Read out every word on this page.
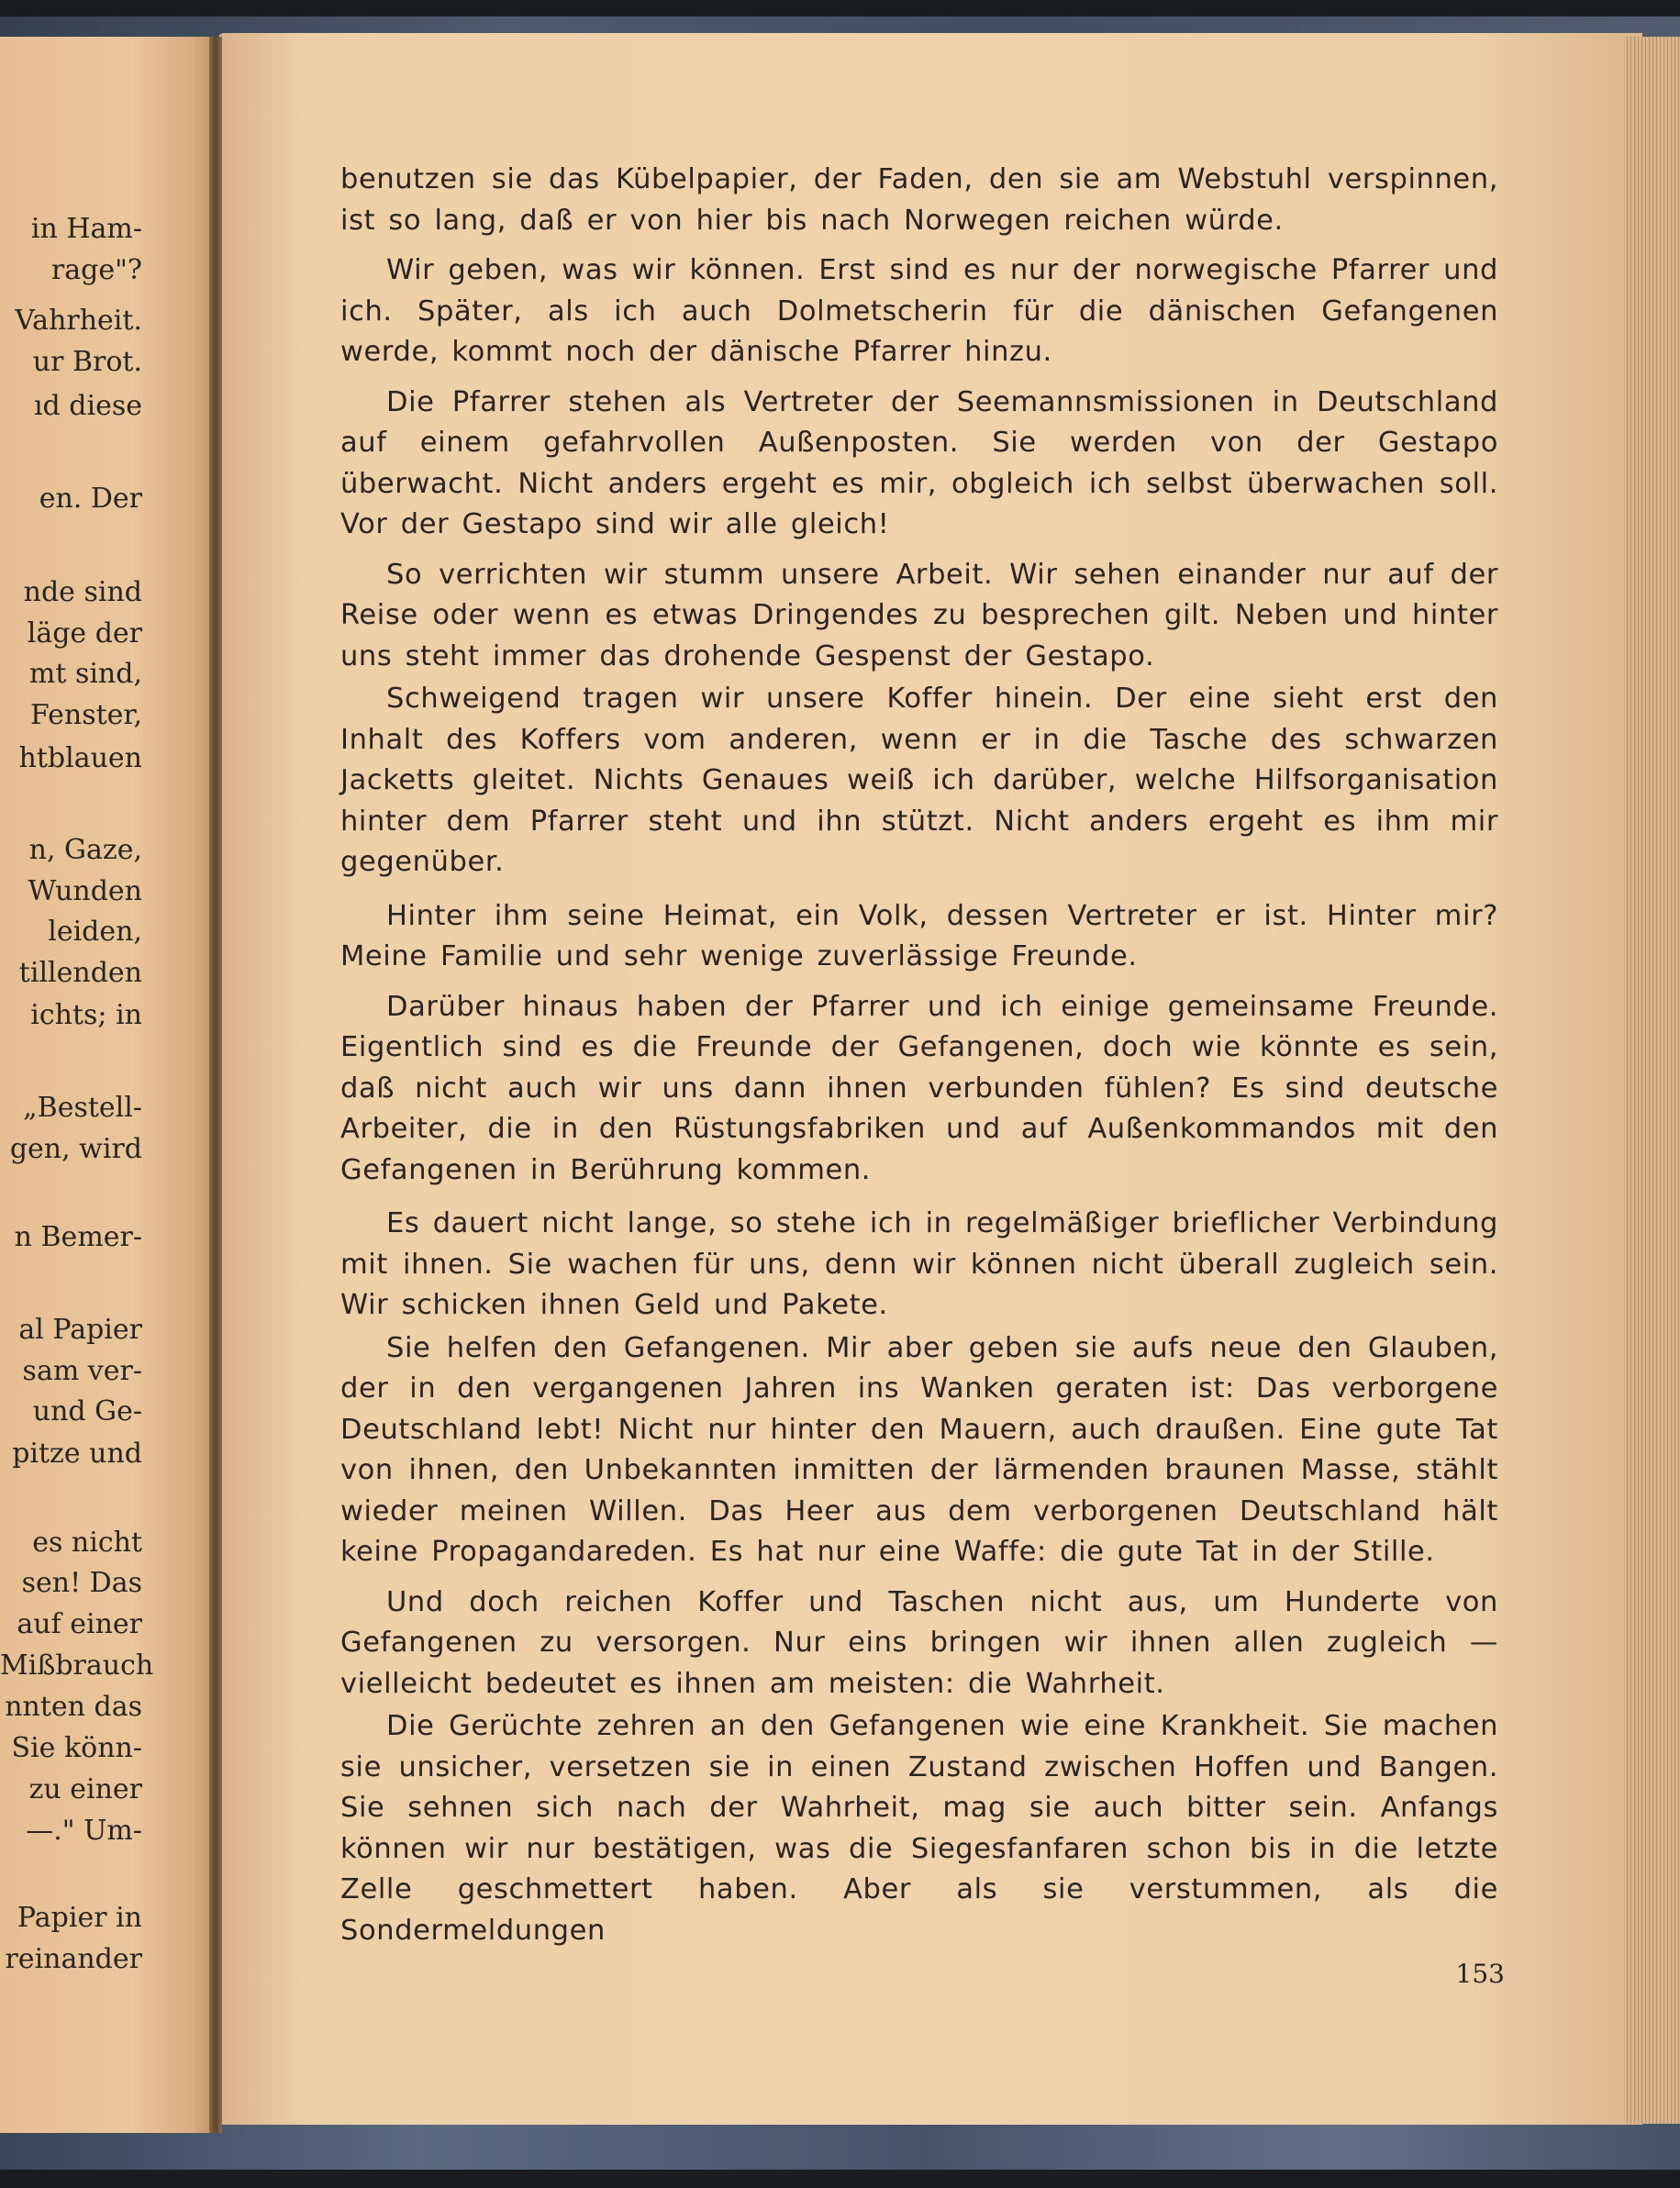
in Ham-
rage"?
Vahrheit.
ur Brot.
ıd diese
en. Der
nde sind
läge der
mt sind,
Fenster,
htblauen
n, Gaze,
Wunden
leiden,
tillenden
ichts; in
„Bestell-
gen, wird
n Bemer-
al Papier
sam ver-
und Ge-
pitze und
es nicht
sen! Das
auf einer
Mißbrauch
nnten das
Sie könn-
zu einer
—." Um-
Papier in
reinander

benutzen sie das Kübelpapier, der Faden, den sie am Webstuhl verspinnen, ist so lang, daß er von hier bis nach Norwegen reichen würde.

Wir geben, was wir können. Erst sind es nur der norwegische Pfarrer und ich. Später, als ich auch Dolmetscherin für die dänischen Gefangenen werde, kommt noch der dänische Pfarrer hinzu.

Die Pfarrer stehen als Vertreter der Seemannsmissionen in Deutschland auf einem gefahrvollen Außenposten. Sie werden von der Gestapo überwacht. Nicht anders ergeht es mir, obgleich ich selbst überwachen soll. Vor der Gestapo sind wir alle gleich!

So verrichten wir stumm unsere Arbeit. Wir sehen einander nur auf der Reise oder wenn es etwas Dringendes zu besprechen gilt. Neben und hinter uns steht immer das drohende Gespenst der Gestapo.

Schweigend tragen wir unsere Koffer hinein. Der eine sieht erst den Inhalt des Koffers vom anderen, wenn er in die Tasche des schwarzen Jacketts gleitet. Nichts Genaues weiß ich darüber, welche Hilfsorganisation hinter dem Pfarrer steht und ihn stützt. Nicht anders ergeht es ihm mir gegenüber.

Hinter ihm seine Heimat, ein Volk, dessen Vertreter er ist. Hinter mir? Meine Familie und sehr wenige zuverlässige Freunde.

Darüber hinaus haben der Pfarrer und ich einige gemeinsame Freunde. Eigentlich sind es die Freunde der Gefangenen, doch wie könnte es sein, daß nicht auch wir uns dann ihnen verbunden fühlen? Es sind deutsche Arbeiter, die in den Rüstungsfabriken und auf Außenkommandos mit den Gefangenen in Berührung kommen.

Es dauert nicht lange, so stehe ich in regelmäßiger brieflicher Verbindung mit ihnen. Sie wachen für uns, denn wir können nicht überall zugleich sein. Wir schicken ihnen Geld und Pakete.

Sie helfen den Gefangenen. Mir aber geben sie aufs neue den Glauben, der in den vergangenen Jahren ins Wanken geraten ist: Das verborgene Deutschland lebt! Nicht nur hinter den Mauern, auch draußen. Eine gute Tat von ihnen, den Unbekannten inmitten der lärmenden braunen Masse, stählt wieder meinen Willen. Das Heer aus dem verborgenen Deutschland hält keine Propagandareden. Es hat nur eine Waffe: die gute Tat in der Stille.

Und doch reichen Koffer und Taschen nicht aus, um Hunderte von Gefangenen zu versorgen. Nur eins bringen wir ihnen allen zugleich — vielleicht bedeutet es ihnen am meisten: die Wahrheit.

Die Gerüchte zehren an den Gefangenen wie eine Krankheit. Sie machen sie unsicher, versetzen sie in einen Zustand zwischen Hoffen und Bangen. Sie sehnen sich nach der Wahrheit, mag sie auch bitter sein. Anfangs können wir nur bestätigen, was die Siegesfanfaren schon bis in die letzte Zelle geschmettert haben. Aber als sie verstummen, als die Sondermeldungen

153
